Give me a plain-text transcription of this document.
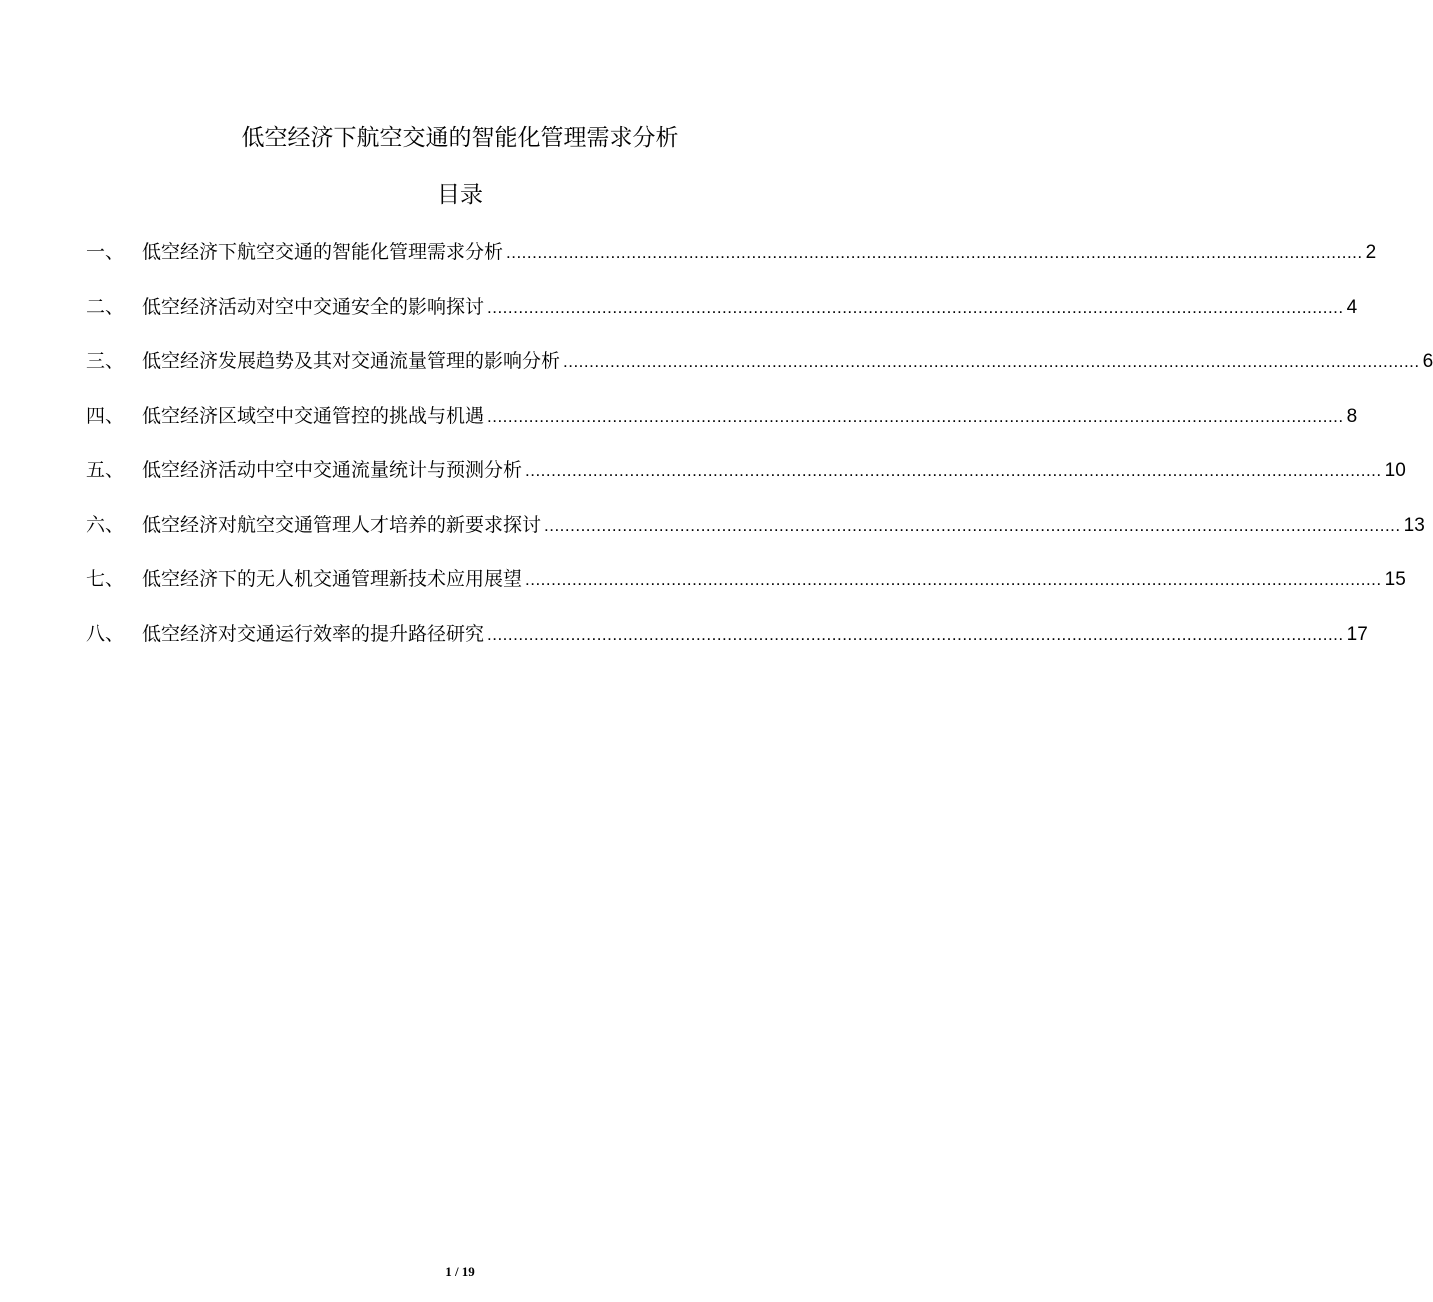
低空经济下航空交通的智能化管理需求分析
目录
一、 低空经济下航空交通的智能化管理需求分析 .................................................................................................................................................................... 2
二、 低空经济活动对空中交通安全的影响探讨 .................................................................................................................................................................... 4
三、 低空经济发展趋势及其对交通流量管理的影响分析 .................................................................................................................................................................... 6
四、 低空经济区域空中交通管控的挑战与机遇 .................................................................................................................................................................... 8
五、 低空经济活动中空中交通流量统计与预测分析 .................................................................................................................................................................... 10
六、 低空经济对航空交通管理人才培养的新要求探讨 .................................................................................................................................................................... 13
七、 低空经济下的无人机交通管理新技术应用展望 .................................................................................................................................................................... 15
八、 低空经济对交通运行效率的提升路径研究 .................................................................................................................................................................... 17
1 / 19
